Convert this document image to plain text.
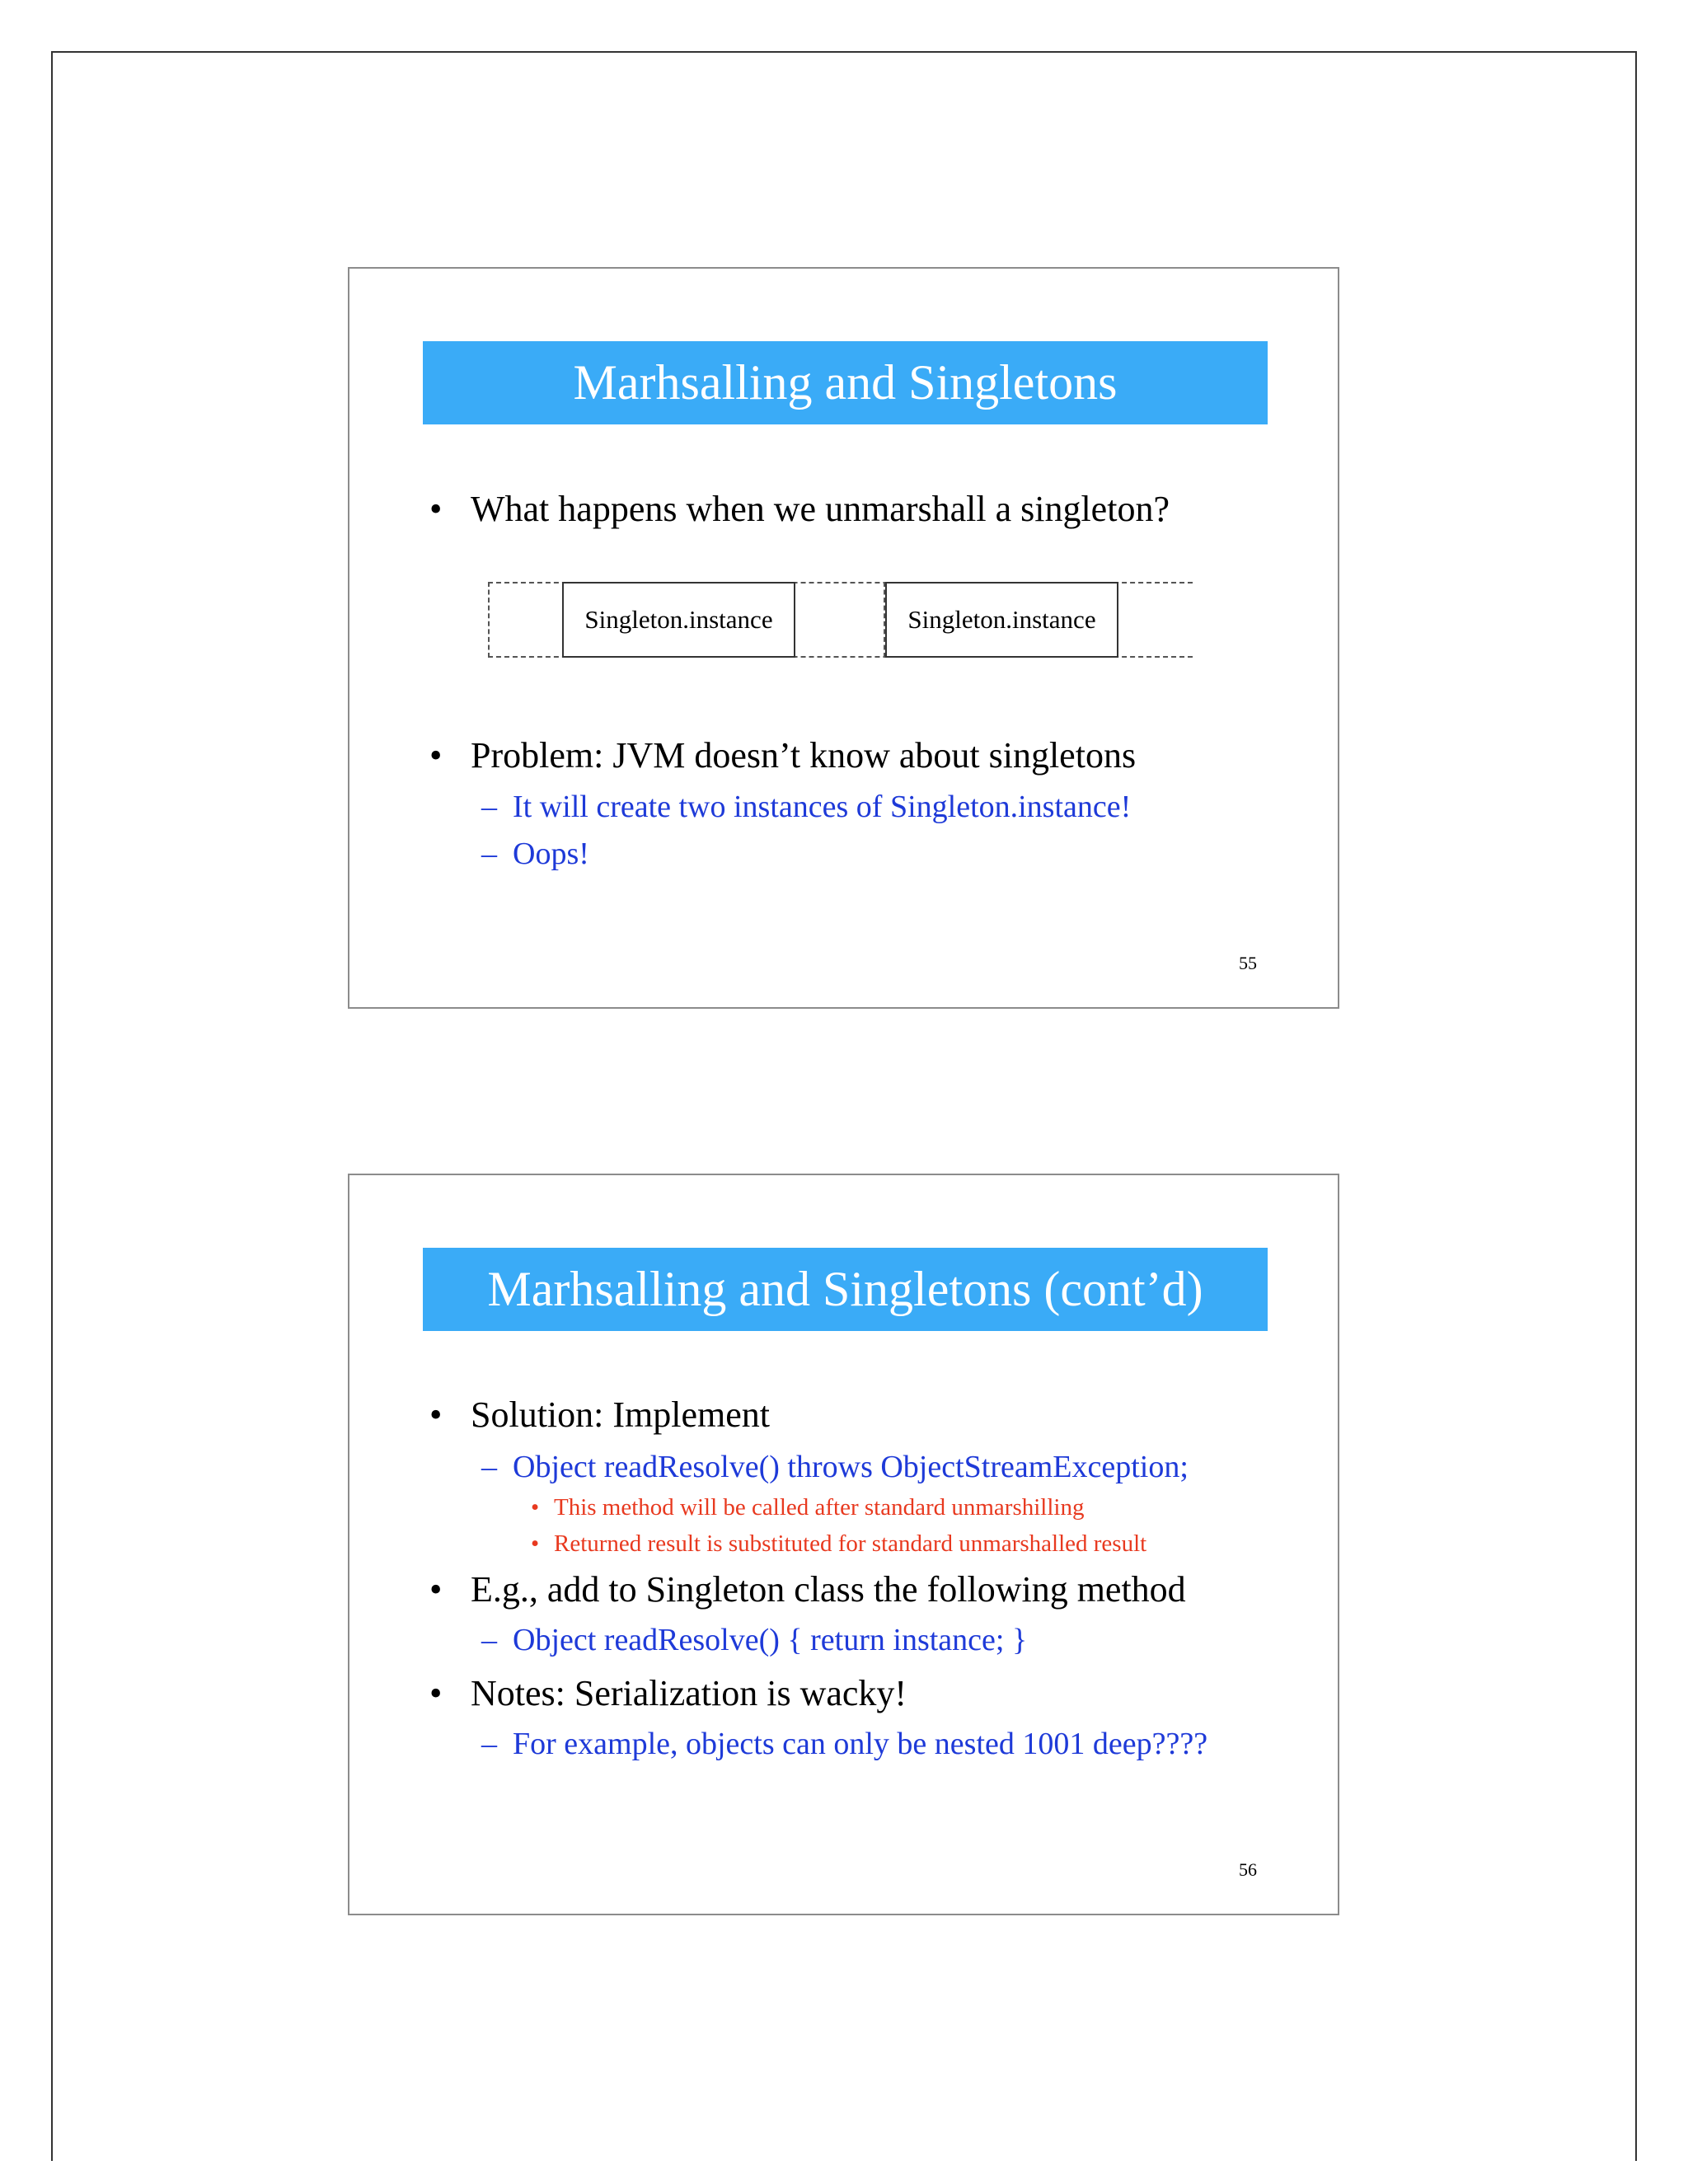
Marhsalling and Singletons
• What happens when we unmarshall a singleton?
Singleton.instance	Singleton.instance
• Problem: JVM doesn’t know about singletons
– It will create two instances of Singleton.instance!
– Oops!
55
Marhsalling and Singletons (cont’d)
• Solution: Implement
– Object readResolve() throws ObjectStreamException;
• This method will be called after standard unmarshilling
• Returned result is substituted for standard unmarshalled result
• E.g., add to Singleton class the following method
– Object readResolve() { return instance; }
• Notes: Serialization is wacky!
– For example, objects can only be nested 1001 deep????
56
